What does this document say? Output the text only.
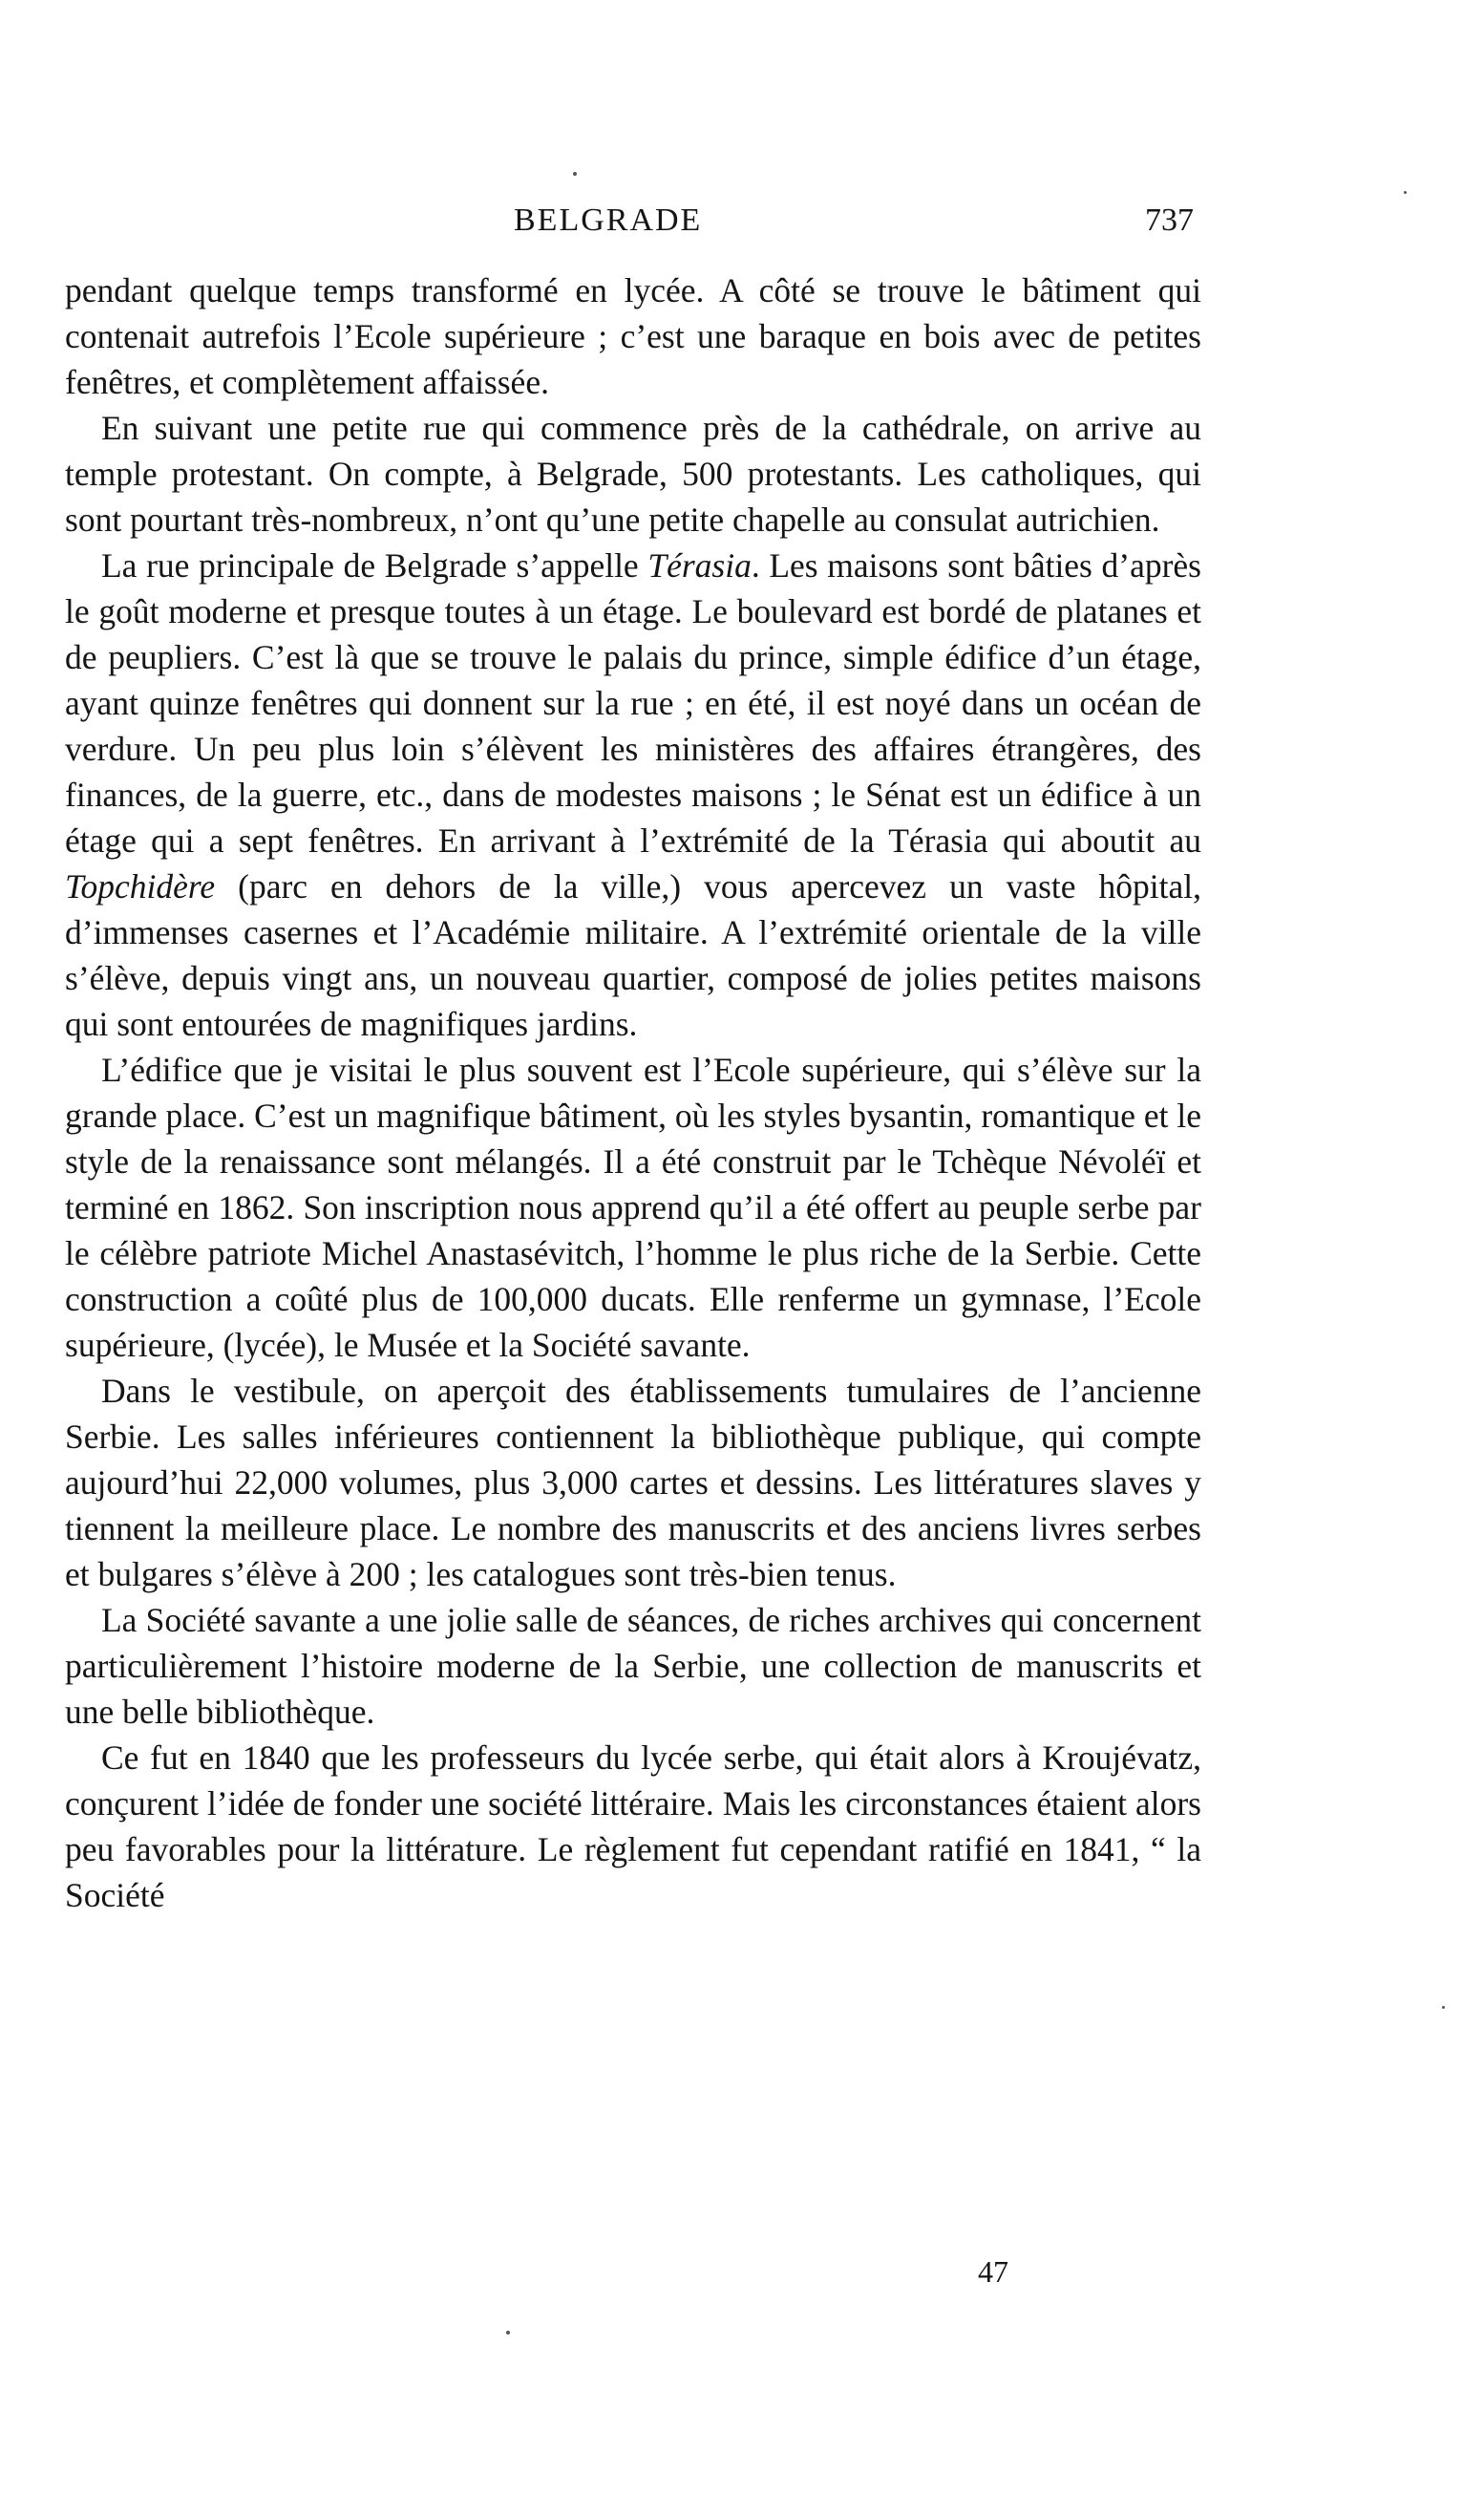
BELGRADE	737

pendant quelque temps transformé en lycée. A côté se trouve le bâtiment qui contenait autrefois l’Ecole supérieure ; c’est une baraque en bois avec de petites fenêtres, et complètement affaissée.

En suivant une petite rue qui commence près de la cathédrale, on arrive au temple protestant. On compte, à Belgrade, 500 protestants. Les catholiques, qui sont pourtant très-nombreux, n’ont qu’une petite chapelle au consulat autrichien.

La rue principale de Belgrade s’appelle Térasia. Les maisons sont bâties d’après le goût moderne et presque toutes à un étage. Le boulevard est bordé de platanes et de peupliers. C’est là que se trouve le palais du prince, simple édifice d’un étage, ayant quinze fenêtres qui donnent sur la rue ; en été, il est noyé dans un océan de verdure. Un peu plus loin s’élèvent les ministères des affaires étrangères, des finances, de la guerre, etc., dans de modestes maisons ; le Sénat est un édifice à un étage qui a sept fenêtres. En arrivant à l’extrémité de la Térasia qui aboutit au Topchidère (parc en dehors de la ville,) vous apercevez un vaste hôpital, d’immenses casernes et l’Académie militaire. A l’extrémité orientale de la ville s’élève, depuis vingt ans, un nouveau quartier, composé de jolies petites maisons qui sont entourées de magnifiques jardins.

L’édifice que je visitai le plus souvent est l’Ecole supérieure, qui s’élève sur la grande place. C’est un magnifique bâtiment, où les styles bysantin, romantique et le style de la renaissance sont mélangés. Il a été construit par le Tchèque Névoléï et terminé en 1862. Son inscription nous apprend qu’il a été offert au peuple serbe par le célèbre patriote Michel Anastasévitch, l’homme le plus riche de la Serbie. Cette construction a coûté plus de 100,000 ducats. Elle renferme un gymnase, l’Ecole supérieure, (lycée), le Musée et la Société savante.

Dans le vestibule, on aperçoit des établissements tumulaires de l’ancienne Serbie. Les salles inférieures contiennent la bibliothèque publique, qui compte aujourd’hui 22,000 volumes, plus 3,000 cartes et dessins. Les littératures slaves y tiennent la meilleure place. Le nombre des manuscrits et des anciens livres serbes et bulgares s’élève à 200 ; les catalogues sont très-bien tenus.

La Société savante a une jolie salle de séances, de riches archives qui concernent particulièrement l’histoire moderne de la Serbie, une collection de manuscrits et une belle bibliothèque.

Ce fut en 1840 que les professeurs du lycée serbe, qui était alors à Kroujévatz, conçurent l’idée de fonder une société littéraire. Mais les circonstances étaient alors peu favorables pour la littérature. Le règlement fut cependant ratifié en 1841, “ la Société

47
